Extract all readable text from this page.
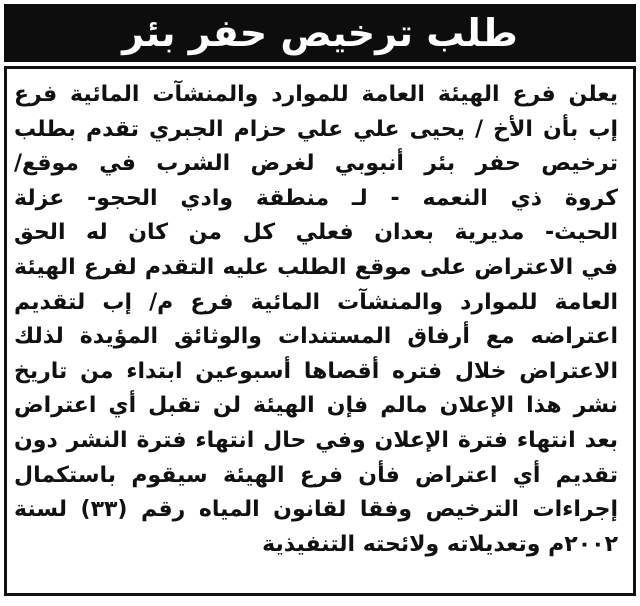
طلب ترخيص حفر بئر
يعلن فرع الهيئة العامة للموارد والمنشآت المائية فرع
إب بأن الأخ / يحيى علي علي حزام الجبري تقدم بطلب
ترخيص حفر بئر أنبوبي لغرض الشرب في موقع/
كروة ذي النعمه - لـ منطقة وادي الحجو- عزلة
الحيث- مديرية بعدان فعلي كل من كان له الحق
في الاعتراض على موقع الطلب عليه التقدم لفرع الهيئة
العامة للموارد والمنشآت المائية فرع م/ إب لتقديم
اعتراضه مع أرفاق المستندات والوثائق المؤيدة لذلك
الاعتراض خلال فتره أقصاها أسبوعين ابتداء من تاريخ
نشر هذا الإعلان مالم فإن الهيئة لن تقبل أي اعتراض
بعد انتهاء فترة الإعلان وفي حال انتهاء فترة النشر دون
تقديم أي اعتراض فأن فرع الهيئة سيقوم باستكمال
إجراءات الترخيص وفقا لقانون المياه رقم (٣٣) لسنة
٢٠٠٢م وتعديلاته ولائحته التنفيذية
